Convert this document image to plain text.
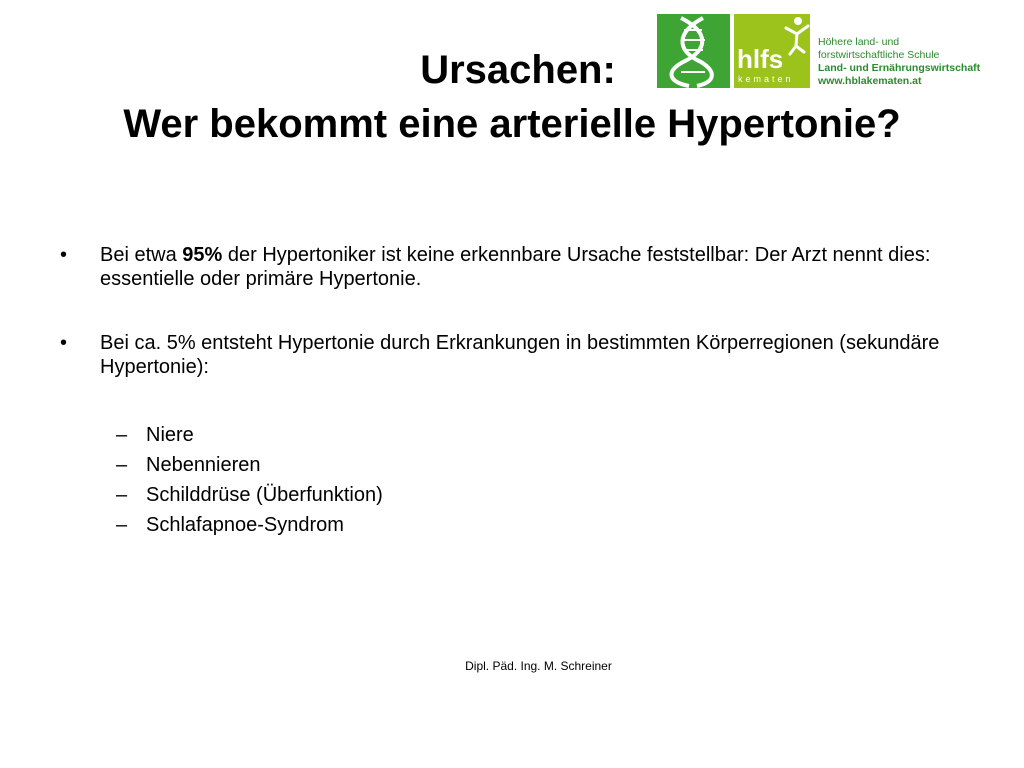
Ursachen:
Wer bekommt eine arterielle Hypertonie?
hlfs
kematen
Höhere land- und
forstwirtschaftliche Schule
Land- und Ernährungswirtschaft
www.hblakematen.at

• Bei etwa 95% der Hypertoniker ist keine erkennbare Ursache feststellbar: Der Arzt nennt dies: essentielle oder primäre Hypertonie.

• Bei ca. 5% entsteht Hypertonie durch Erkrankungen in bestimmten Körperregionen (sekundäre Hypertonie):

– Niere
– Nebennieren
– Schilddrüse (Überfunktion)
– Schlafapnoe-Syndrom
Dipl. Päd. Ing. M. Schreiner
